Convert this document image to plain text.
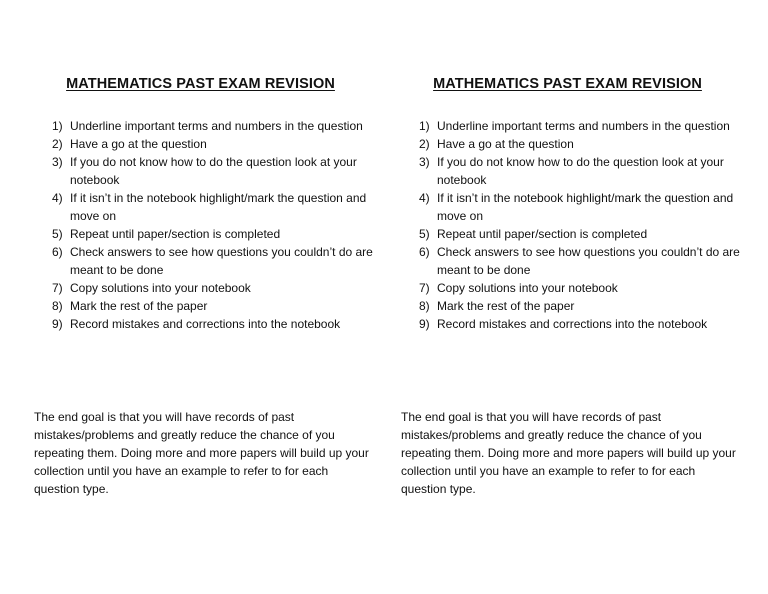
MATHEMATICS PAST EXAM REVISION
1) Underline important terms and numbers in the question
2) Have a go at the question
3) If you do not know how to do the question look at your notebook
4) If it isn’t in the notebook highlight/mark the question and move on
5) Repeat until paper/section is completed
6) Check answers to see how questions you couldn’t do are meant to be done
7) Copy solutions into your notebook
8) Mark the rest of the paper
9) Record mistakes and corrections into the notebook

The end goal is that you will have records of past mistakes/problems and greatly reduce the chance of you repeating them. Doing more and more papers will build up your collection until you have an example to refer to for each question type.

MATHEMATICS PAST EXAM REVISION
1) Underline important terms and numbers in the question
2) Have a go at the question
3) If you do not know how to do the question look at your notebook
4) If it isn’t in the notebook highlight/mark the question and move on
5) Repeat until paper/section is completed
6) Check answers to see how questions you couldn’t do are meant to be done
7) Copy solutions into your notebook
8) Mark the rest of the paper
9) Record mistakes and corrections into the notebook

The end goal is that you will have records of past mistakes/problems and greatly reduce the chance of you repeating them. Doing more and more papers will build up your collection until you have an example to refer to for each question type.
